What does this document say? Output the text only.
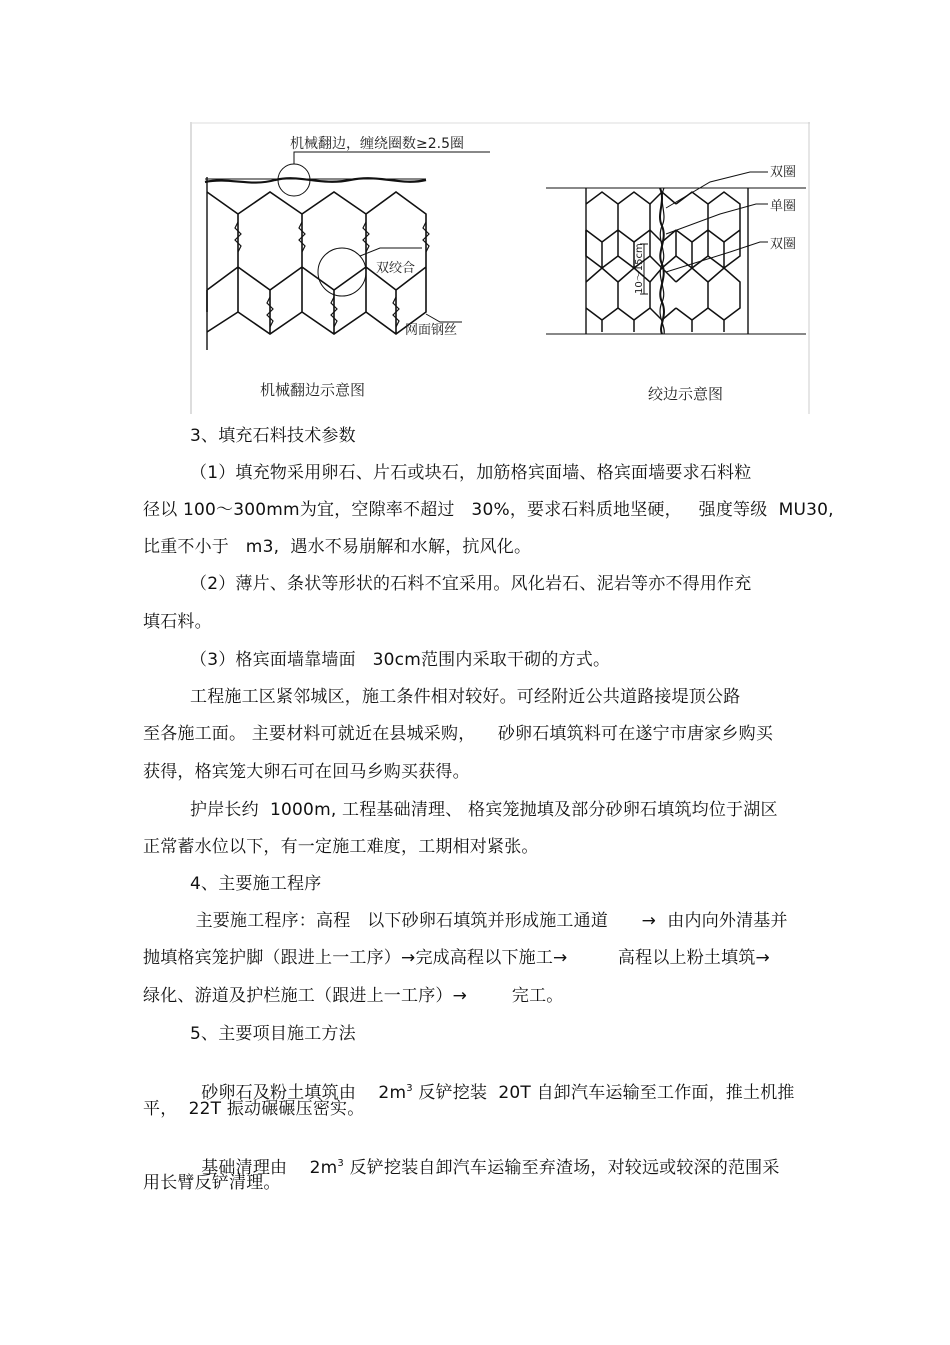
机械翻边，缠绕圈数≥2.5圈
双绞合
网面钢丝
机械翻边示意图
双圈
单圈
双圈
10～15cm
绞边示意图
3、填充石料技术参数
（1）填充物采用卵石、片石或块石，加筋格宾面墙、格宾面墙要求石料粒
径以 100～300mm为宜，空隙率不超过   30%，要求石料质地坚硬，   强度等级  MU30,
比重不小于   m3,  遇水不易崩解和水解，抗风化。
（2）薄片、条状等形状的石料不宜采用。风化岩石、泥岩等亦不得用作充
填石料。
（3）格宾面墙靠墙面   30cm范围内采取干砌的方式。
工程施工区紧邻城区，施工条件相对较好。可经附近公共道路接堤顶公路
至各施工面。 主要材料可就近在县城采购，    砂卵石填筑料可在遂宁市唐家乡购买
获得，格宾笼大卵石可在回马乡购买获得。
护岸长约  1000m, 工程基础清理、 格宾笼抛填及部分砂卵石填筑均位于湖区
正常蓄水位以下，有一定施工难度，工期相对紧张。
4、主要施工程序
主要施工程序：高程   以下砂卵石填筑并形成施工通道      →  由内向外清基并
抛填格宾笼护脚（跟进上一工序）→完成高程以下施工→         高程以上粉土填筑→
绿化、游道及护栏施工（跟进上一工序）→        完工。
5、主要项目施工方法

砂卵石及粉土填筑由    $2m^3$ 反铲挖装  20T 自卸汽车运输至工作面，推土机推

平，  22T 振动碾碾压密实。

基础清理由    $2m^3$ 反铲挖装自卸汽车运输至弃渣场，对较远或较深的范围采

用长臂反铲清理。
